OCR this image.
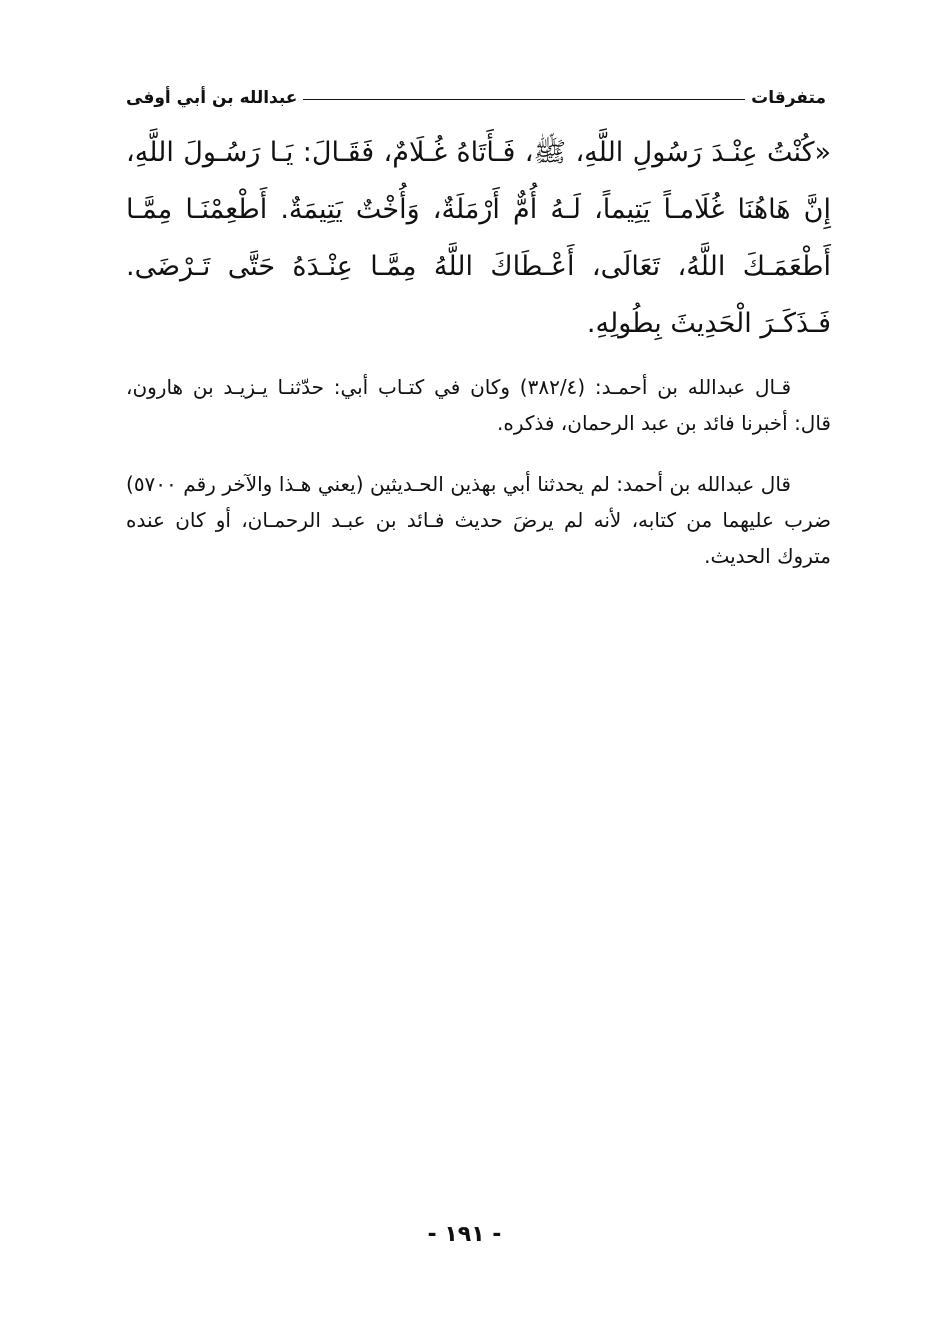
متفرقات
عبدالله بن أبي أوفى

«كُنْتُ عِنْـدَ رَسُولِ اللَّهِ، ﷺ، فَـأَتَاهُ غُـلَامٌ، فَقَـالَ: يَـا رَسُـولَ اللَّهِ، إِنَّ هَاهُنَا غُلَامـاً يَتِيماً، لَـهُ أُمٌّ أَرْمَلَةٌ، وَأُخْتٌ يَتِيمَةٌ. أَطْعِمْنَـا مِمَّـا أَطْعَمَـكَ اللَّهُ، تَعَالَى، أَعْـطَاكَ اللَّهُ مِمَّـا عِنْـدَهُ حَتَّى تَـرْضَى. فَـذَكَـرَ الْحَدِيثَ بِطُولِهِ.

قـال عبدالله بن أحمـد: (٣٨٢/٤) وكان في كتـاب أبي: حدّثنـا يـزيـد بن هارون، قال: أخبرنا فائد بن عبد الرحمان، فذكره.

قال عبدالله بن أحمد: لم يحدثنا أبي بهذين الحـديثين (يعني هـذا والآخر رقم ٥٧٠٠) ضرب عليهما من كتابه، لأنه لم يرضَ حديث فـائد بن عبـد الرحمـان، أو كان عنده متروك الحديث.

- ١٩١ -
